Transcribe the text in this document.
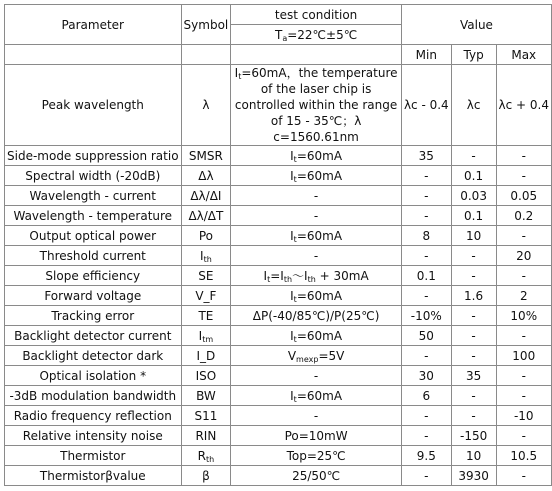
Parameter	Symbol	test condition	Value		
		$T_a=22℃\pm 5℃$			
			Min	Typ	Max
Peak wavelength	λ	$I_t=60mA$，the temperature of the laser chip is controlled within the range of 15 - 35℃；λ c=1560.61nm	λc - 0.4	λc	λc + 0.4
Side-mode suppression ratio	SMSR	$I_t=60mA$	35	-	-
Spectral width (-20dB)	Δλ	$I_t=60mA$	-	0.1	-
Wavelength - current	Δλ/ΔI	-	-	0.03	0.05
Wavelength - temperature	Δλ/ΔT	-	-	0.1	0.2
Output optical power	Po	$I_t=60mA$	8	10	-
Threshold current	$I_{th}$	-	-	-	20
Slope efficiency	SE	$I_t=I_{th}\sim I_{th} + 30mA$	0.1	-	-
Forward voltage	V_F	$I_t=60mA$	-	1.6	2
Tracking error	TE	ΔP(-40/85℃)/P(25℃)	-10%	-	10%
Backlight detector current	$I_{tm}$	$I_t=60mA$	50	-	-
Backlight detector dark	I_D	$V_{mexp}=5V$	-	-	100
Optical isolation *	ISO	-	30	35	-
-3dB modulation bandwidth	BW	$I_t=60mA$	6	-	-
Radio frequency reflection	S11	-	-	-	-10
Relative intensity noise	RIN	Po=10mW	-	-150	-
Thermistor	$R_{th}$	Top=25℃	9.5	10	10.5
Thermistorβvalue	β	25/50℃	-	3930	-
